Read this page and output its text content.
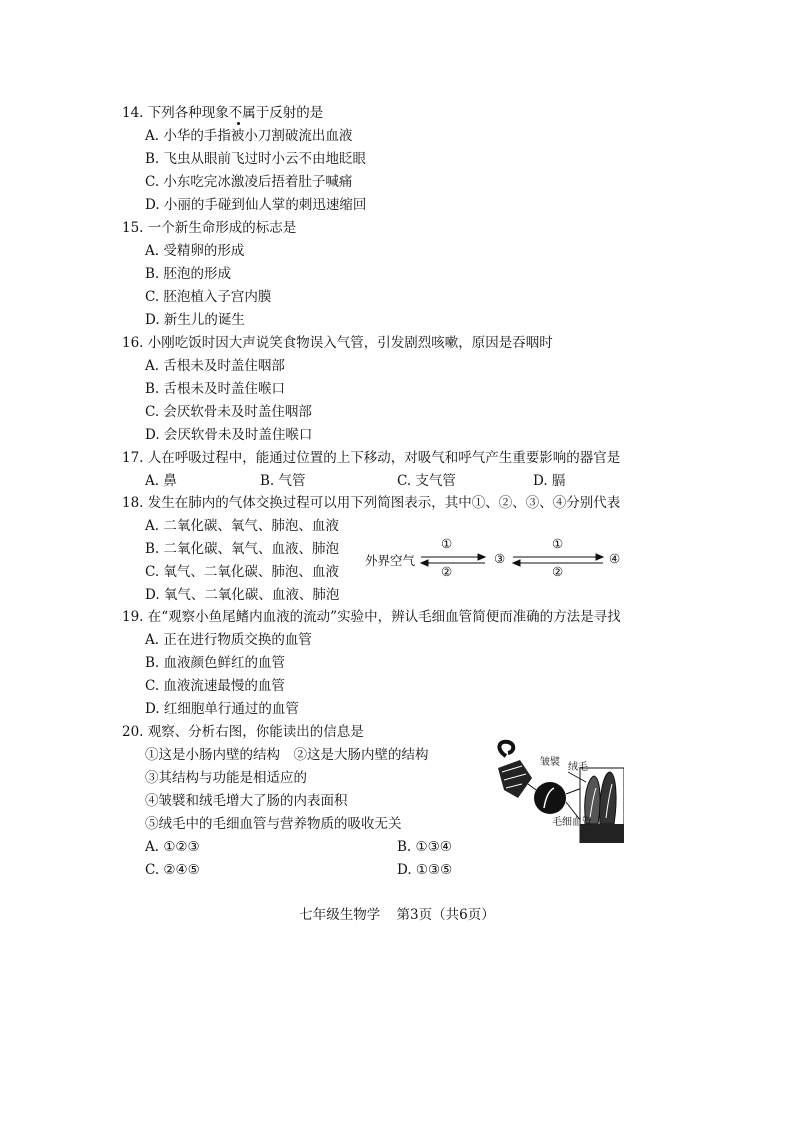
14. 下列各种现象不属于反射的是
A. 小华的手指被小刀割破流出血液
B. 飞虫从眼前飞过时小云不由地眨眼
C. 小东吃完冰激凌后捂着肚子喊痛
D. 小丽的手碰到仙人掌的刺迅速缩回
15. 一个新生命形成的标志是
A. 受精卵的形成
B. 胚泡的形成
C. 胚泡植入子宫内膜
D. 新生儿的诞生
16. 小刚吃饭时因大声说笑食物误入气管，引发剧烈咳嗽，原因是吞咽时
A. 舌根未及时盖住咽部
B. 舌根未及时盖住喉口
C. 会厌软骨未及时盖住咽部
D. 会厌软骨未及时盖住喉口
17. 人在呼吸过程中，能通过位置的上下移动，对吸气和呼气产生重要影响的器官是
A. 鼻	B. 气管	C. 支气管	D. 膈
18. 发生在肺内的气体交换过程可以用下列简图表示，其中①、②、③、④分别代表
A. 二氧化碳、氧气、肺泡、血液
B. 二氧化碳、氧气、血液、肺泡
C. 氧气、二氧化碳、肺泡、血液
D. 氧气、二氧化碳、血液、肺泡
外界空气
①
②
③
①
②
④
19. 在“观察小鱼尾鳍内血液的流动”实验中，辨认毛细血管简便而准确的方法是寻找
A. 正在进行物质交换的血管
B. 血液颜色鲜红的血管
C. 血液流速最慢的血管
D. 红细胞单行通过的血管
20. 观察、分析右图，你能读出的信息是
①这是小肠内壁的结构　②这是大肠内壁的结构
③其结构与功能是相适应的
④皱襞和绒毛增大了肠的内表面积
⑤绒毛中的毛细血管与营养物质的吸收无关
A. ①②③	B. ①③④
C. ②④⑤	D. ①③⑤
皱襞 绒毛
毛细血管
七年级生物学 第3页（共6页）
